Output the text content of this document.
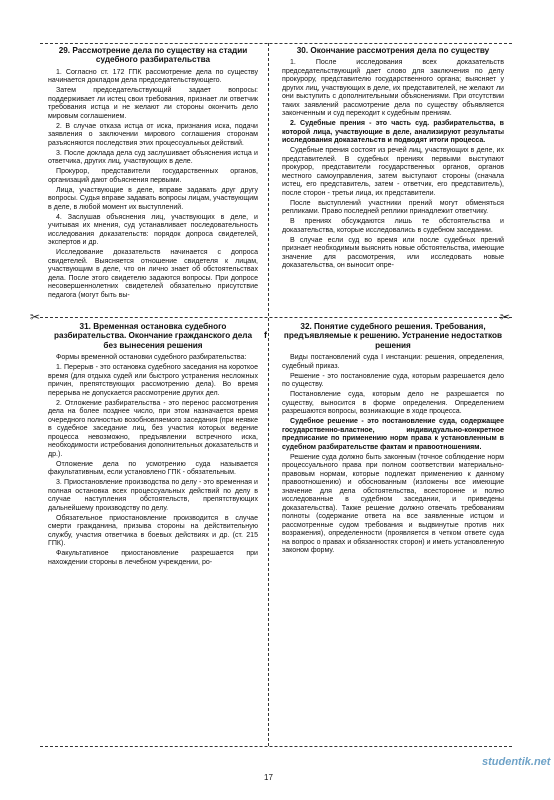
✂	✂
f
29. Рассмотрение дела по существу на стадии судебного разбирательства

1. Согласно ст. 172 ГПК рассмотрение дела по существу начинается докладом дела председательствующего.

Затем председательствующий задает вопросы: поддерживает ли истец свои требования, признает ли ответчик требования истца и не желают ли стороны окончить дело мировым соглашением.

2. В случае отказа истца от иска, признания иска, подачи заявления о заключении мирового соглашения сторонам разъясняются последствия этих процессуальных действий.

3. После доклада дела суд заслушивает объяснения истца и ответчика, других лиц, участвующих в деле.

Прокурор, представители государственных органов, организаций дают объяснения первыми.

Лица, участвующие в деле, вправе задавать друг другу вопросы. Судья вправе задавать вопросы лицам, участвующим в деле, в любой момент их выступлений.

4. Заслушав объяснения лиц, участвующих в деле, и учитывая их мнения, суд устанавливает последовательность исследования доказательств: порядок допроса свидетелей, экспертов и др.

Исследование доказательств начинается с допроса свидетелей. Выясняется отношение свидетеля к лицам, участвующим в деле, что он лично знает об обстоятельствах дела. После этого свидетелю задаются вопросы. При допросе несовершеннолетних свидетелей обязательно присутствие педагога (могут быть вы-

30. Окончание рассмотрения дела по существу

1. После исследования всех доказательств председательствующий дает слово для заключения по делу прокурору, представителю государственного органа; выясняет у других лиц, участвующих в деле, их представителей, не желают ли они выступить с дополнительными объяснениями. При отсутствии таких заявлений рассмотрение дела по существу объявляется законченным и суд переходит к судебным прениям.

2. Судебные прения - это часть суд. разбирательства, в которой лица, участвующие в деле, анализируют результаты исследования доказательств и подводят итоги процесса.

Судебные прения состоят из речей лиц, участвующих в деле, их представителей. В судебных прениях первыми выступают прокурор, представители государственных органов, органов местного самоуправления, затем выступают стороны (сначала истец, его представитель, затем - ответчик, его представитель), после сторон - третьи лица, их представители.

После выступлений участники прений могут обменяться репликами. Право последней реплики принадлежит ответчику.

В прениях обсуждаются лишь те обстоятельства и доказательства, которые исследовались в судебном заседании.

В случае если суд во время или после судебных прений признает необходимым выяснить новые обстоятельства, имеющие значение для рассмотрения, или исследовать новые доказательства, он выносит опре-

31. Временная остановка судебного разбирательства. Окончание гражданского дела без вынесения решения

Формы временной остановки судебного разбирательства:

1. Перерыв - это остановка судебного заседания на короткое время (для отдыха судей или быстрого устранения несложных причин, препятствующих рассмотрению дела). Во время перерыва не допускается рассмотрение других дел.

2. Отложение разбирательства - это перенос рассмотрения дела на более позднее число, при этом назначается время очередного полностью возобновляемого заседания (при неявке в судебное заседание лиц, без участия которых ведение процесса невозможно, предъявлении встречного иска, необходимости истребования дополнительных доказательств и др.).

Отложение дела по усмотрению суда называется факультативным, если установлено ГПК - обязательным.

3. Приостановление производства по делу - это временная и полная остановка всех процессуальных действий по делу в случае наступления обстоятельств, препятствующих дальнейшему производству по делу.

Обязательное приостановление производится в случае смерти гражданина, призыва стороны на действительную службу, участия ответчика в боевых действиях и др. (ст. 215 ГПК).

Факультативное приостановление разрешается при нахождении стороны в лечебном учреждении, ро-

32. Понятие судебного решения. Требования, предъявляемые к решению. Устранение недостатков решения

Виды постановлений суда I инстанции: решения, определения, судебный приказ.

Решение - это постановление суда, которым разрешается дело по существу.

Постановление суда, которым дело не разрешается по существу, выносится в форме определения. Определением разрешаются вопросы, возникающие в ходе процесса.

Судебное решение - это постановление суда, содержащее государственно-властное, индивидуально-конкретное предписание по применению норм права к установленным в судебном разбирательстве фактам и правоотношениям.

Решение суда должно быть законным (точное соблюдение норм процессуального права при полном соответствии материально-правовым нормам, которые подлежат применению к данному правоотношению) и обоснованным (изложены все имеющие значение для дела обстоятельства, всесторонне и полно исследованные в судебном заседании, и приведены доказательства). Также решение должно отвечать требованиям полноты (содержание ответа на все заявленные истцом и рассмотренные судом требования и выдвинутые против них возражения), определенности (проявляется в четком ответе суда на вопрос о правах и обязанностях сторон) и иметь установленную законом форму.

17
studentik.net
